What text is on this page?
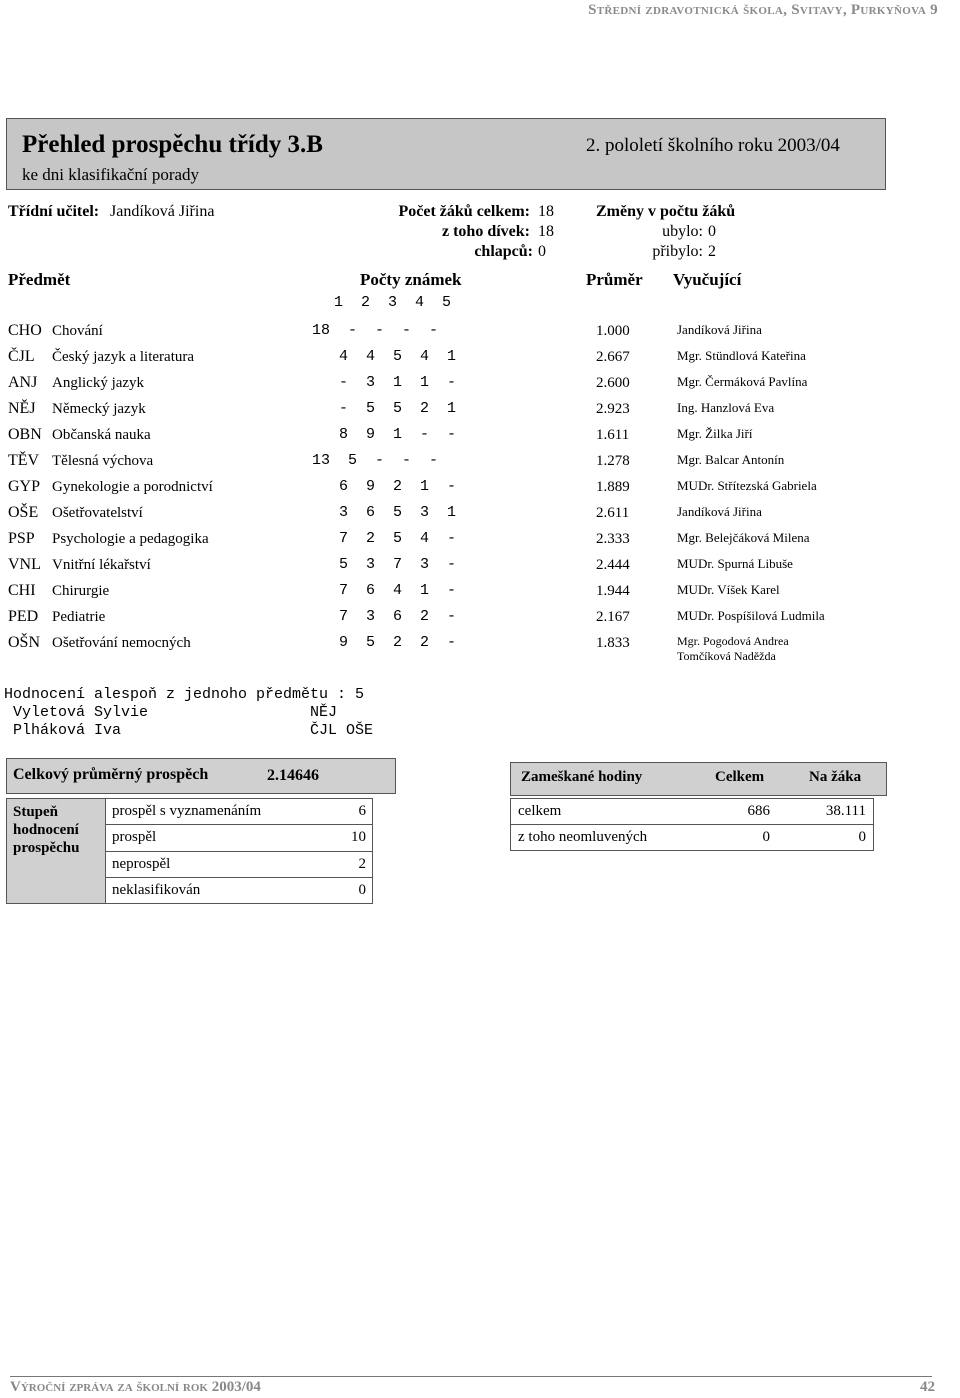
Střední zdravotnická škola, Svitavy, Purkyňova 9
Přehled prospěchu třídy 3.B
ke dni klasifikační porady
2. pololetí školního roku 2003/04
Třídní učitel: Jandíková Jiřina	Počet žáků celkem: 18
z toho dívek: 18
chlapců: 0
Změny v počtu žáků
ubylo: 0
přibylo: 2
Předmět	Počty známek
1  2  3  4  5
Průměr Vyučující
CHO Chování	18  -  -  -  -	1.000	Jandíková Jiřina
ČJL Český jazyk a literatura	4  4  5  4  1	2.667	Mgr. Stündlová Kateřina
ANJ Anglický jazyk	-  3  1  1  -	2.600	Mgr. Čermáková Pavlína
NĚJ Německý jazyk	-  5  5  2  1	2.923	Ing. Hanzlová Eva
OBN Občanská nauka	8  9  1  -  -	1.611	Mgr. Žilka Jiří
TĚV Tělesná výchova	13  5  -  -  -	1.278	Mgr. Balcar Antonín
GYP Gynekologie a porodnictví	6  9  2  1  -	1.889	MUDr. Střítezská Gabriela
OŠE Ošetřovatelství	3  6  5  3  1	2.611	Jandíková Jiřina
PSP Psychologie a pedagogika	7  2  5  4  -	2.333	Mgr. Belejčáková Milena
VNL Vnitřní lékařství	5  3  7  3  -	2.444	MUDr. Spurná Libuše
CHI Chirurgie	7  6  4  1  -	1.944	MUDr. Víšek Karel
PED Pediatrie	7  3  6  2  -	2.167	MUDr. Pospíšilová Ludmila
OŠN Ošetřování nemocných	9  5  2  2  -	1.833	Mgr. Pogodová Andrea
Tomčíková Naděžda
Hodnocení alespoň z jednoho předmětu : 5
Vyletová Sylvie	NĚJ

Plháková Iva	ČJL OŠE
Celkový průměrný prospěch	2.14646
Stupeň hodnocení prospěchu	prospěl s vyznamenáním	6
	prospěl	10
	neprospěl	2
	neklasifikován	0
Zameškané hodiny	Celkem	Na žáka
celkem	686	38.111
z toho neomluvených	0	0
Výroční zpráva za školní rok 2003/04	42
